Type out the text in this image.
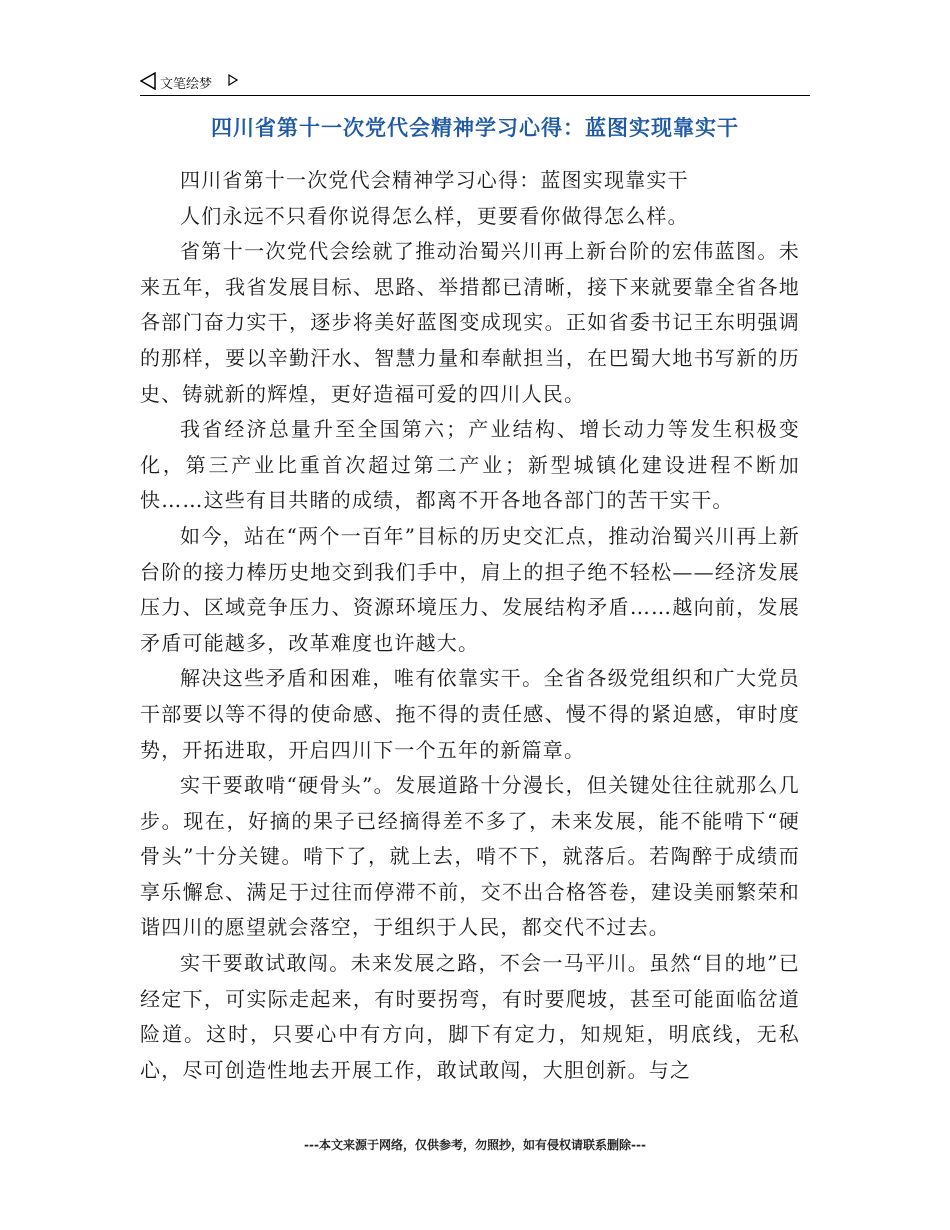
文笔绘梦
四川省第十一次党代会精神学习心得：蓝图实现靠实干

四川省第十一次党代会精神学习心得：蓝图实现靠实干

人们永远不只看你说得怎么样，更要看你做得怎么样。

省第十一次党代会绘就了推动治蜀兴川再上新台阶的宏伟蓝图。未来五年，我省发展目标、思路、举措都已清晰，接下来就要靠全省各地各部门奋力实干，逐步将美好蓝图变成现实。正如省委书记王东明强调的那样，要以辛勤汗水、智慧力量和奉献担当，在巴蜀大地书写新的历史、铸就新的辉煌，更好造福可爱的四川人民。

我省经济总量升至全国第六；产业结构、增长动力等发生积极变化，第三产业比重首次超过第二产业；新型城镇化建设进程不断加快……这些有目共睹的成绩，都离不开各地各部门的苦干实干。

如今，站在“两个一百年”目标的历史交汇点，推动治蜀兴川再上新台阶的接力棒历史地交到我们手中，肩上的担子绝不轻松——经济发展压力、区域竞争压力、资源环境压力、发展结构矛盾……越向前，发展矛盾可能越多，改革难度也许越大。

解决这些矛盾和困难，唯有依靠实干。全省各级党组织和广大党员干部要以等不得的使命感、拖不得的责任感、慢不得的紧迫感，审时度势，开拓进取，开启四川下一个五年的新篇章。

实干要敢啃“硬骨头”。发展道路十分漫长，但关键处往往就那么几步。现在，好摘的果子已经摘得差不多了，未来发展，能不能啃下“硬骨头”十分关键。啃下了，就上去，啃不下，就落后。若陶醉于成绩而享乐懈怠、满足于过往而停滞不前，交不出合格答卷，建设美丽繁荣和谐四川的愿望就会落空，于组织于人民，都交代不过去。

实干要敢试敢闯。未来发展之路，不会一马平川。虽然“目的地”已经定下，可实际走起来，有时要拐弯，有时要爬坡，甚至可能面临岔道险道。这时，只要心中有方向，脚下有定力，知规矩，明底线，无私心，尽可创造性地去开展工作，敢试敢闯，大胆创新。与之

---本文来源于网络，仅供参考，勿照抄，如有侵权请联系删除---
